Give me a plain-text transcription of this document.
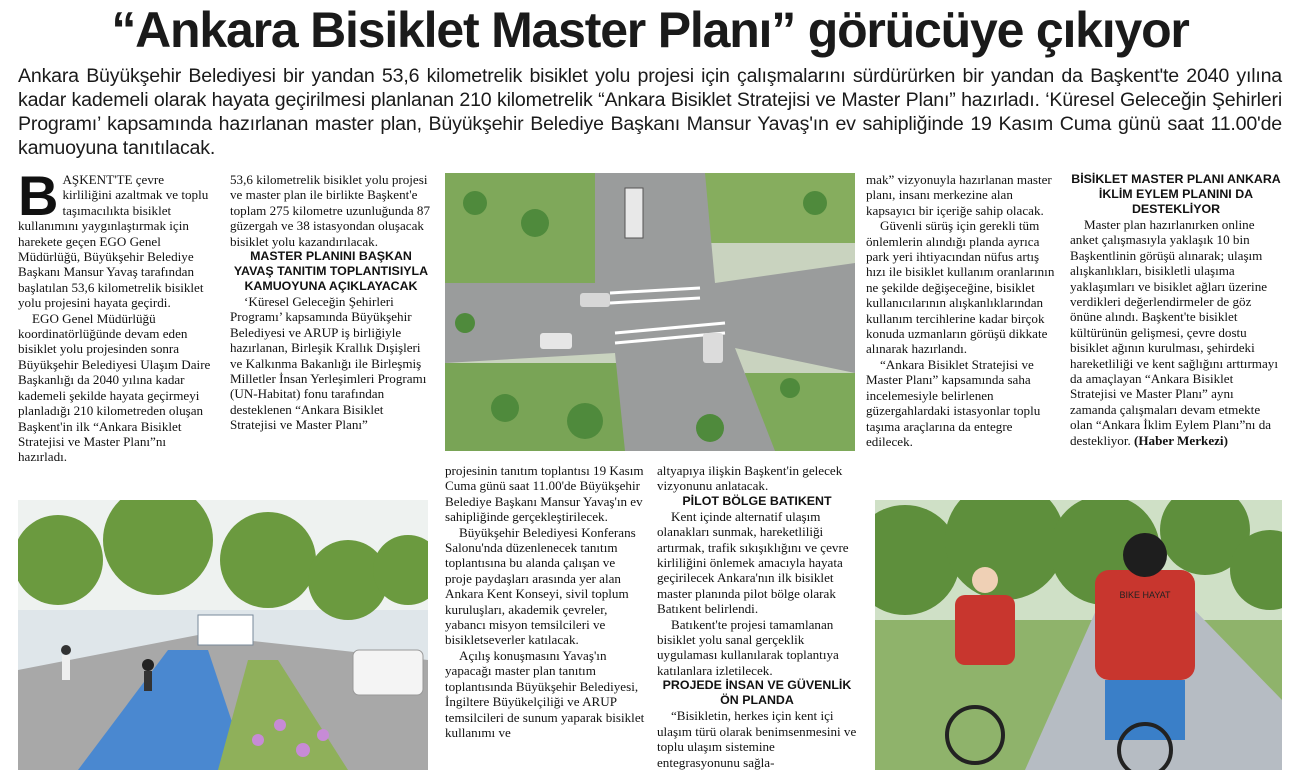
“Ankara Bisiklet Master Planı” görücüye çıkıyor
Ankara Büyükşehir Belediyesi bir yandan 53,6 kilometrelik bisiklet yolu projesi için çalışmalarını sürdürürken bir yandan da Başkent'te 2040 yılına kadar kademeli olarak hayata geçirilmesi planlanan 210 kilometrelik “Ankara Bisiklet Stratejisi ve Master Planı” hazırladı. ‘Küresel Geleceğin Şehirleri Programı’ kapsamında hazırlanan master plan, Büyükşehir Belediye Başkanı Mansur Yavaş'ın ev sahipliğinde 19 Kasım Cuma günü saat 11.00'de kamuoyuna tanıtılacak.

B AŞKENT'TE çevre kirliliğini azaltmak ve toplu taşımacılıkta bisiklet kullanımını yaygınlaştırmak için harekete geçen EGO Genel Müdürlüğü, Büyükşehir Belediye Başkanı Mansur Yavaş tarafından başlatılan 53,6 kilometrelik bisiklet yolu projesini hayata geçirdi.

EGO Genel Müdürlüğü koordinatörlüğünde devam eden bisiklet yolu projesinden sonra Büyükşehir Belediyesi Ulaşım Daire Başkanlığı da 2040 yılına kadar kademeli şekilde hayata geçirmeyi planladığı 210 kilometreden oluşan Başkent'in ilk “Ankara Bisiklet Stratejisi ve Master Planı”nı hazırladı.

53,6 kilometrelik bisiklet yolu projesi ve master plan ile birlikte Başkent'e toplam 275 kilometre uzunluğunda 87 güzergah ve 38 istasyondan oluşacak bisiklet yolu kazandırılacak.

MASTER PLANINI BAŞKAN YAVAŞ TANITIM TOPLANTISIYLA KAMUOYUNA AÇIKLAYACAK

‘Küresel Geleceğin Şehirleri Programı’ kapsamında Büyükşehir Belediyesi ve ARUP iş birliğiyle hazırlanan, Birleşik Krallık Dışişleri ve Kalkınma Bakanlığı ile Birleşmiş Milletler İnsan Yerleşimleri Programı (UN-Habitat) fonu tarafından desteklenen “Ankara Bisiklet Stratejisi ve Master Planı”

projesinin tanıtım toplantısı 19 Kasım Cuma günü saat 11.00'de Büyükşehir Belediye Başkanı Mansur Yavaş'ın ev sahipliğinde gerçekleştirilecek.

Büyükşehir Belediyesi Konferans Salonu'nda düzenlenecek tanıtım toplantısına bu alanda çalışan ve proje paydaşları arasında yer alan Ankara Kent Konseyi, sivil toplum kuruluşları, akademik çevreler, yabancı misyon temsilcileri ve bisikletseverler katılacak.

Açılış konuşmasını Yavaş'ın yapacağı master plan tanıtım toplantısında Büyükşehir Belediyesi, İngiltere Büyükelçiliği ve ARUP temsilcileri de sunum yaparak bisiklet kullanımı ve

altyapıya ilişkin Başkent'in gelecek vizyonunu anlatacak.

PİLOT BÖLGE BATIKENT

Kent içinde alternatif ulaşım olanakları sunmak, hareketliliği artırmak, trafik sıkışıklığını ve çevre kirliliğini önlemek amacıyla hayata geçirilecek Ankara'nın ilk bisiklet master planında pilot bölge olarak Batıkent belirlendi.

Batıkent'te projesi tamamlanan bisiklet yolu sanal gerçeklik uygulaması kullanılarak toplantıya katılanlara izletilecek.

PROJEDE İNSAN VE GÜVENLİK ÖN PLANDA

“Bisikletin, herkes için kent içi ulaşım türü olarak benimsenmesini ve toplu ulaşım sistemine entegrasyonunu sağla-

mak” vizyonuyla hazırlanan master planı, insanı merkezine alan kapsayıcı bir içeriğe sahip olacak.

Güvenli sürüş için gerekli tüm önlemlerin alındığı planda ayrıca park yeri ihtiyacından nüfus artış hızı ile bisiklet kullanım oranlarının ne şekilde değişeceğine, bisiklet kullanıcılarının alışkanlıklarından kullanım tercihlerine kadar birçok konuda uzmanların görüşü dikkate alınarak hazırlandı.

“Ankara Bisiklet Stratejisi ve Master Planı” kapsamında saha incelemesiyle belirlenen güzergahlardaki istasyonlar toplu taşıma araçlarına da entegre edilecek.

BİSİKLET MASTER PLANI ANKARA İKLİM EYLEM PLANINI DA DESTEKLİYOR

Master plan hazırlanırken online anket çalışmasıyla yaklaşık 10 bin Başkentlinin görüşü alınarak; ulaşım alışkanlıkları, bisikletli ulaşıma yaklaşımları ve bisiklet ağları üzerine verdikleri değerlendirmeler de göz önüne alındı. Başkent'te bisiklet kültürünün gelişmesi, çevre dostu bisiklet ağının kurulması, şehirdeki hareketliliği ve kent sağlığını arttırmayı da amaçlayan “Ankara Bisiklet Stratejisi ve Master Planı” aynı zamanda çalışmaları devam etmekte olan “Ankara İklim Eylem Planı”nı da destekliyor. (Haber Merkezi)

BIKE HAYAT
